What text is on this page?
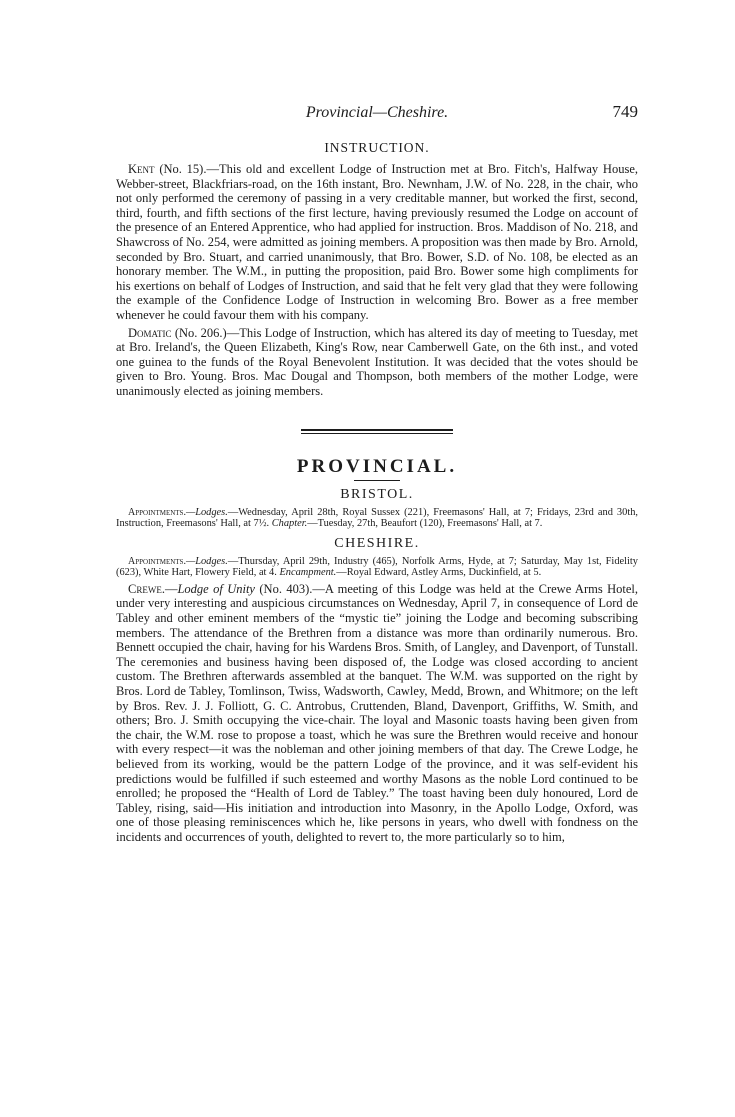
Provincial—Cheshire.	749
INSTRUCTION.

Kent (No. 15).—This old and excellent Lodge of Instruction met at Bro. Fitch's, Halfway House, Webber-street, Blackfriars-road, on the 16th instant, Bro. Newnham, J.W. of No. 228, in the chair, who not only performed the ceremony of passing in a very creditable manner, but worked the first, second, third, fourth, and fifth sections of the first lecture, having previously resumed the Lodge on account of the presence of an Entered Apprentice, who had applied for instruction. Bros. Maddison of No. 218, and Shawcross of No. 254, were admitted as joining members. A proposition was then made by Bro. Arnold, seconded by Bro. Stuart, and carried unanimously, that Bro. Bower, S.D. of No. 108, be elected as an honorary member. The W.M., in putting the proposition, paid Bro. Bower some high compliments for his exertions on behalf of Lodges of Instruction, and said that he felt very glad that they were following the example of the Confidence Lodge of Instruction in welcoming Bro. Bower as a free member whenever he could favour them with his company.

Domatic (No. 206.)—This Lodge of Instruction, which has altered its day of meeting to Tuesday, met at Bro. Ireland's, the Queen Elizabeth, King's Row, near Camberwell Gate, on the 6th inst., and voted one guinea to the funds of the Royal Benevolent Institution. It was decided that the votes should be given to Bro. Young. Bros. Mac Dougal and Thompson, both members of the mother Lodge, were unanimously elected as joining members.

PROVINCIAL.
BRISTOL.

Appointments.—Lodges.—Wednesday, April 28th, Royal Sussex (221), Freemasons' Hall, at 7; Fridays, 23rd and 30th, Instruction, Freemasons' Hall, at 7½. Chapter.—Tuesday, 27th, Beaufort (120), Freemasons' Hall, at 7.

CHESHIRE.

Appointments.—Lodges.—Thursday, April 29th, Industry (465), Norfolk Arms, Hyde, at 7; Saturday, May 1st, Fidelity (623), White Hart, Flowery Field, at 4. Encampment.—Royal Edward, Astley Arms, Duckinfield, at 5.

Crewe.—Lodge of Unity (No. 403).—A meeting of this Lodge was held at the Crewe Arms Hotel, under very interesting and auspicious circumstances on Wednesday, April 7, in consequence of Lord de Tabley and other eminent members of the “mystic tie” joining the Lodge and becoming subscribing members. The attendance of the Brethren from a distance was more than ordinarily numerous. Bro. Bennett occupied the chair, having for his Wardens Bros. Smith, of Langley, and Davenport, of Tunstall. The ceremonies and business having been disposed of, the Lodge was closed according to ancient custom. The Brethren afterwards assembled at the banquet. The W.M. was supported on the right by Bros. Lord de Tabley, Tomlinson, Twiss, Wadsworth, Cawley, Medd, Brown, and Whitmore; on the left by Bros. Rev. J. J. Folliott, G. C. Antrobus, Cruttenden, Bland, Davenport, Griffiths, W. Smith, and others; Bro. J. Smith occupying the vice-chair. The loyal and Masonic toasts having been given from the chair, the W.M. rose to propose a toast, which he was sure the Brethren would receive and honour with every respect—it was the nobleman and other joining members of that day. The Crewe Lodge, he believed from its working, would be the pattern Lodge of the province, and it was self-evident his predictions would be fulfilled if such esteemed and worthy Masons as the noble Lord continued to be enrolled; he proposed the “Health of Lord de Tabley.” The toast having been duly honoured, Lord de Tabley, rising, said—His initiation and introduction into Masonry, in the Apollo Lodge, Oxford, was one of those pleasing reminiscences which he, like persons in years, who dwell with fondness on the incidents and occurrences of youth, delighted to revert to, the more particularly so to him,
